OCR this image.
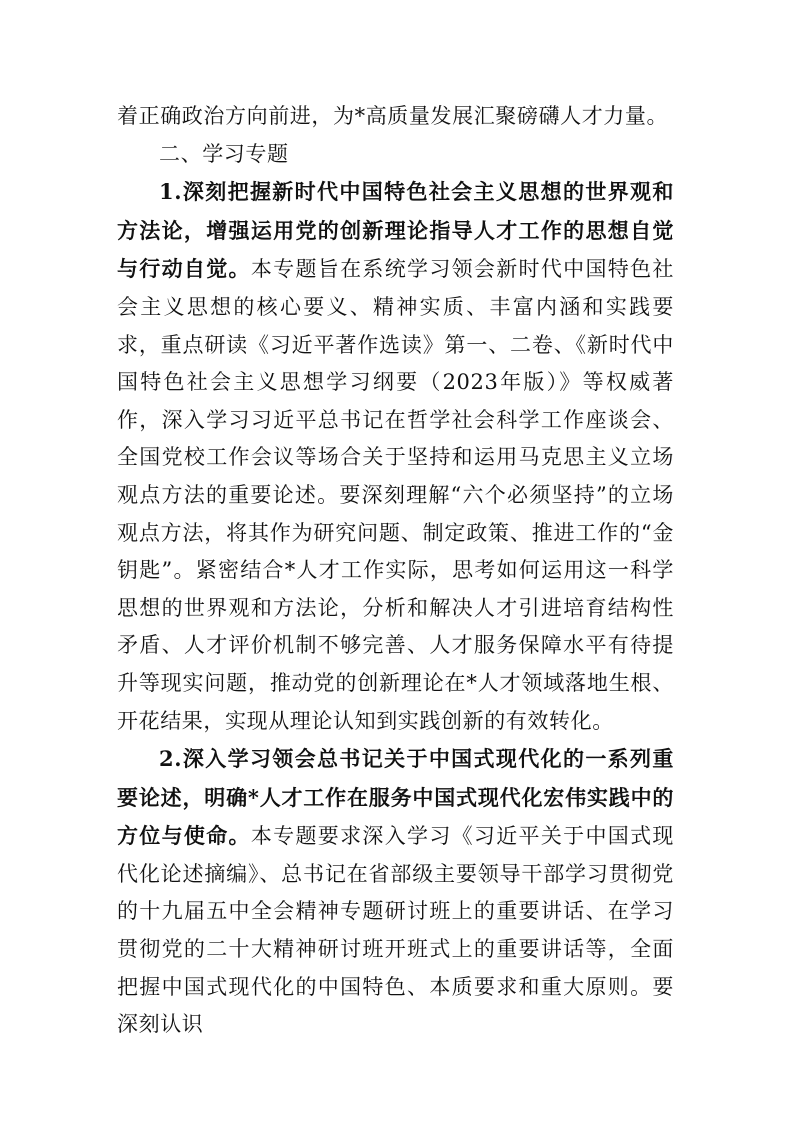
着正确政治方向前进，为*高质量发展汇聚磅礴人才力量。

二、学习专题

1.深刻把握新时代中国特色社会主义思想的世界观和方法论，增强运用党的创新理论指导人才工作的思想自觉与行动自觉。本专题旨在系统学习领会新时代中国特色社会主义思想的核心要义、精神实质、丰富内涵和实践要求，重点研读《习近平著作选读》第一、二卷、《新时代中国特色社会主义思想学习纲要（2023年版）》等权威著作，深入学习习近平总书记在哲学社会科学工作座谈会、全国党校工作会议等场合关于坚持和运用马克思主义立场观点方法的重要论述。要深刻理解“六个必须坚持”的立场观点方法，将其作为研究问题、制定政策、推进工作的“金钥匙”。紧密结合*人才工作实际，思考如何运用这一科学思想的世界观和方法论，分析和解决人才引进培育结构性矛盾、人才评价机制不够完善、人才服务保障水平有待提升等现实问题，推动党的创新理论在*人才领域落地生根、开花结果，实现从理论认知到实践创新的有效转化。

2.深入学习领会总书记关于中国式现代化的一系列重要论述，明确*人才工作在服务中国式现代化宏伟实践中的方位与使命。本专题要求深入学习《习近平关于中国式现代化论述摘编》、总书记在省部级主要领导干部学习贯彻党的十九届五中全会精神专题研讨班上的重要讲话、在学习贯彻党的二十大精神研讨班开班式上的重要讲话等，全面把握中国式现代化的中国特色、本质要求和重大原则。要深刻认识
